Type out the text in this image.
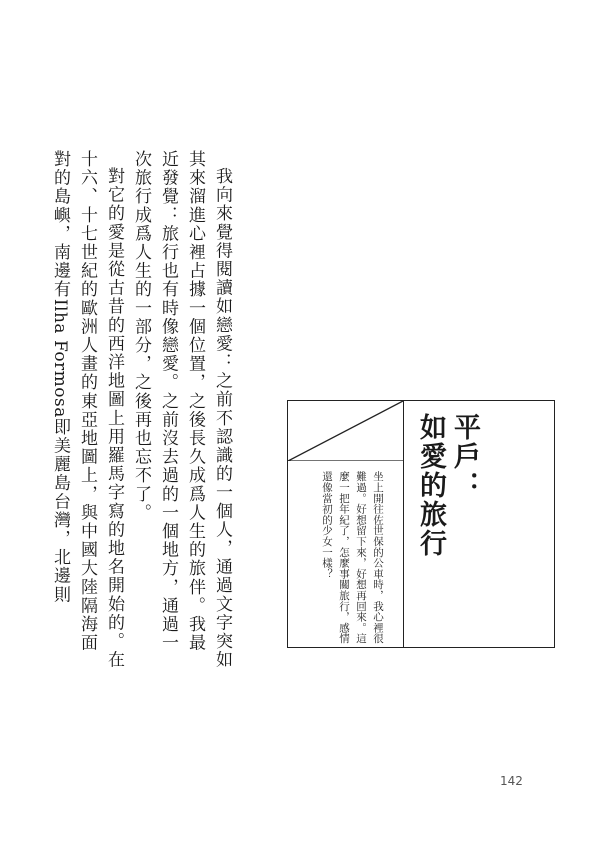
我向來覺得閱讀如戀愛：之前不認識的一個人，通過文字突如其來溜進心裡占據一個位置，之後長久成爲人生的旅伴。我最近發覺：旅行也有時像戀愛。之前沒去過的一個地方，通過一次旅行成爲人生的一部分，之後再也忘不了。

對它的愛是從古昔的西洋地圖上用羅馬字寫的地名開始的。在十六、十七世紀的歐洲人畫的東亞地圖上，與中國大陸隔海面對的島嶼，南邊有Ilha Formosa即美麗島台灣，北邊則	平戶：
如愛的旅行
坐上開往佐世保的公車時，我心裡很難過。好想留下來，好想再回來。這麼一把年紀了，怎麼事關旅行，感情還像當初的少女一樣？
142
